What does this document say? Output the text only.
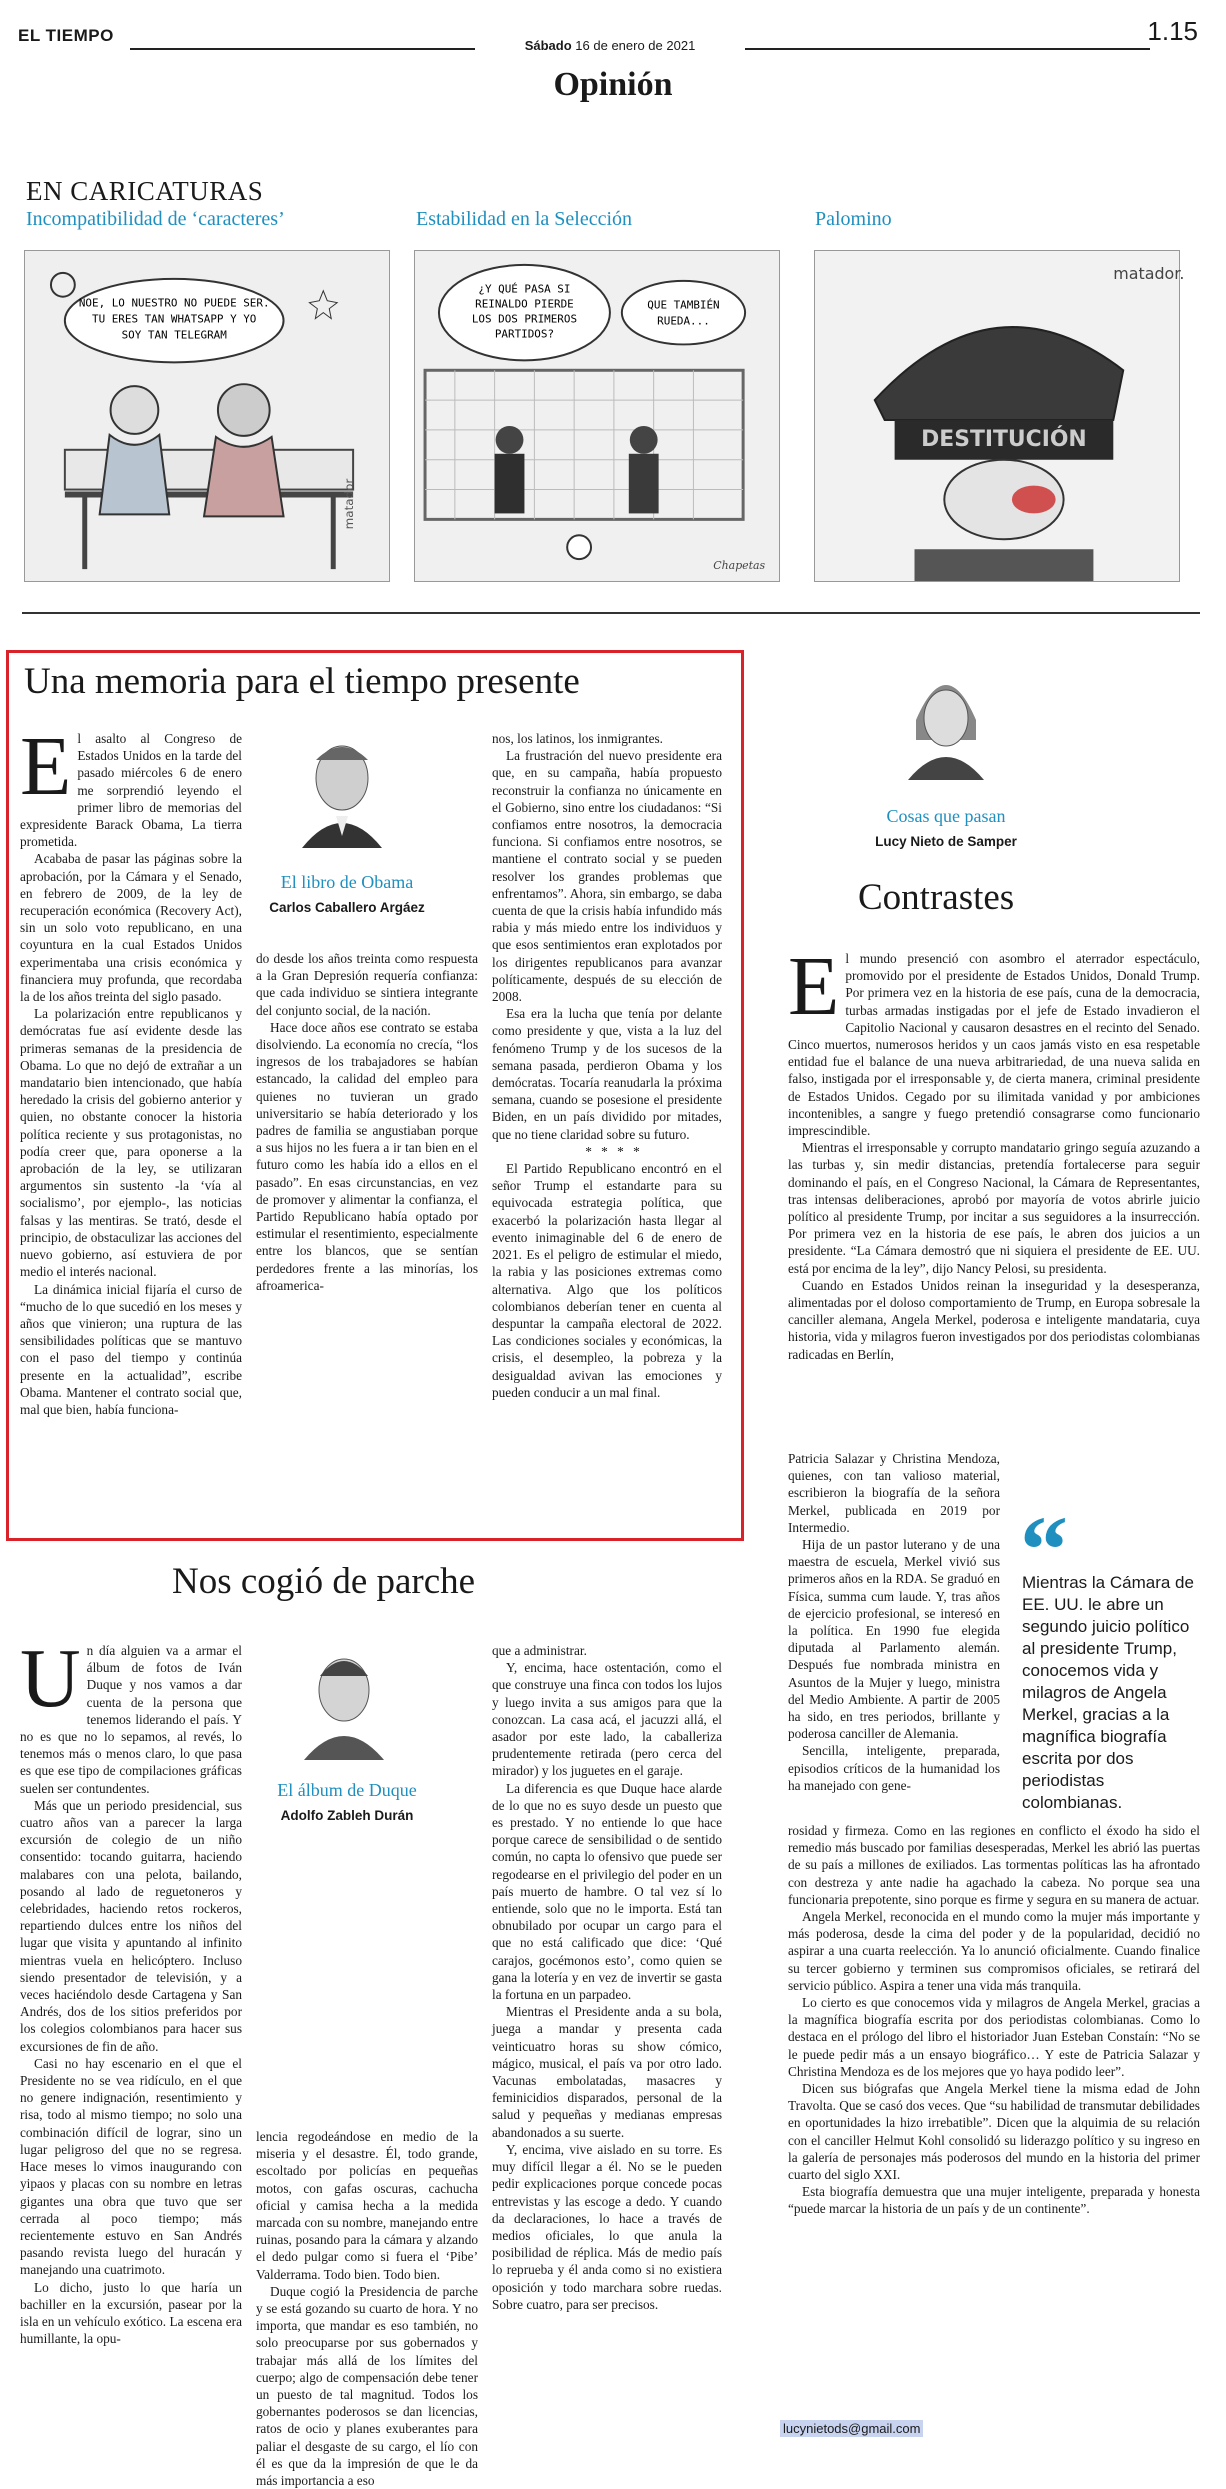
EL TIEMPO
Sábado 16 de enero de 2021	1.15
Opinión
EN CARICATURAS
Incompatibilidad de ‘caracteres’	Estabilidad en la Selección	Palomino
NOE, LO NUESTRO NO PUEDE SER.
TU ERES TAN WHATSAPP Y YO
SOY TAN TELEGRAM
matador
¿Y QUÉ PASA SI
REINALDO PIERDE
LOS DOS PRIMEROS
PARTIDOS?
QUE TAMBIÉN
RUEDA...
Chapetas
DESTITUCIÓN
matador.
Una memoria para el tiempo presente

El asalto al Congreso de Estados Unidos en la tarde del pasado miércoles 6 de enero me sorprendió leyendo el primer libro de memorias del expresidente Barack Obama, La tierra prometida.

Acababa de pasar las páginas sobre la aprobación, por la Cámara y el Senado, en febrero de 2009, de la ley de recuperación económica (Recovery Act), sin un solo voto republicano, en una coyuntura en la cual Estados Unidos experimentaba una crisis económica y financiera muy profunda, que recordaba la de los años treinta del siglo pasado.

La polarización entre republicanos y demócratas fue así evidente desde las primeras semanas de la presidencia de Obama. Lo que no dejó de extrañar a un mandatario bien intencionado, que había heredado la crisis del gobierno anterior y quien, no obstante conocer la historia política reciente y sus protagonistas, no podía creer que, para oponerse a la aprobación de la ley, se utilizaran argumentos sin sustento -la ‘vía al socialismo’, por ejemplo-, las noticias falsas y las mentiras. Se trató, desde el principio, de obstaculizar las acciones del nuevo gobierno, así estuviera de por medio el interés nacional.

La dinámica inicial fijaría el curso de “mucho de lo que sucedió en los meses y años que vinieron; una ruptura de las sensibilidades políticas que se mantuvo con el paso del tiempo y continúa presente en la actualidad”, escribe Obama. Mantener el contrato social que, mal que bien, había funciona-

El libro de Obama
Carlos Caballero Argáez

do desde los años treinta como respuesta a la Gran Depresión requería confianza: que cada individuo se sintiera integrante del conjunto social, de la nación.

Hace doce años ese contrato se estaba disolviendo. La economía no crecía, “los ingresos de los trabajadores se habían estancado, la calidad del empleo para quienes no tuvieran un grado universitario se había deteriorado y los padres de familia se angustiaban porque a sus hijos no les fuera a ir tan bien en el futuro como les había ido a ellos en el pasado”. En esas circunstancias, en vez de promover y alimentar la confianza, el Partido Republicano había optado por estimular el resentimiento, especialmente entre los blancos, que se sentían perdedores frente a las minorías, los afroamerica-

nos, los latinos, los inmigrantes.

La frustración del nuevo presidente era que, en su campaña, había propuesto reconstruir la confianza no únicamente en el Gobierno, sino entre los ciudadanos: “Si confiamos entre nosotros, la democracia funciona. Si confiamos entre nosotros, se mantiene el contrato social y se pueden resolver los grandes problemas que enfrentamos”. Ahora, sin embargo, se daba cuenta de que la crisis había infundido más rabia y más miedo entre los individuos y que esos sentimientos eran explotados por los dirigentes republicanos para avanzar políticamente, después de su elección de 2008.

Esa era la lucha que tenía por delante como presidente y que, vista a la luz del fenómeno Trump y de los sucesos de la semana pasada, perdieron Obama y los demócratas. Tocaría reanudarla la próxima semana, cuando se posesione el presidente Biden, en un país dividido por mitades, que no tiene claridad sobre su futuro.

* * * *

El Partido Republicano encontró en el señor Trump el estandarte para su equivocada estrategia política, que exacerbó la polarización hasta llegar al evento inimaginable del 6 de enero de 2021. Es el peligro de estimular el miedo, la rabia y las posiciones extremas como alternativa. Algo que los políticos colombianos deberían tener en cuenta al despuntar la campaña electoral de 2022. Las condiciones sociales y económicas, la crisis, el desempleo, la pobreza y la desigualdad avivan las emociones y pueden conducir a un mal final.

Nos cogió de parche

Un día alguien va a armar el álbum de fotos de Iván Duque y nos vamos a dar cuenta de la persona que tenemos liderando el país. Y no es que no lo sepamos, al revés, lo tenemos más o menos claro, lo que pasa es que ese tipo de compilaciones gráficas suelen ser contundentes.

Más que un periodo presidencial, sus cuatro años van a parecer la larga excursión de colegio de un niño consentido: tocando guitarra, haciendo malabares con una pelota, bailando, posando al lado de reguetoneros y celebridades, haciendo retos rockeros, repartiendo dulces entre los niños del lugar que visita y apuntando al infinito mientras vuela en helicóptero. Incluso siendo presentador de televisión, y a veces haciéndolo desde Cartagena y San Andrés, dos de los sitios preferidos por los colegios colombianos para hacer sus excursiones de fin de año.

Casi no hay escenario en el que el Presidente no se vea ridículo, en el que no genere indignación, resentimiento y risa, todo al mismo tiempo; no solo una combinación difícil de lograr, sino un lugar peligroso del que no se regresa. Hace meses lo vimos inaugurando con yipaos y placas con su nombre en letras gigantes una obra que tuvo que ser cerrada al poco tiempo; más recientemente estuvo en San Andrés pasando revista luego del huracán y manejando una cuatrimoto.

Lo dicho, justo lo que haría un bachiller en la excursión, pasear por la isla en un vehículo exótico. La escena era humillante, la opu-

El álbum de Duque
Adolfo Zableh Durán

lencia regodeándose en medio de la miseria y el desastre. Él, todo grande, escoltado por policías en pequeñas motos, con gafas oscuras, cachucha oficial y camisa hecha a la medida marcada con su nombre, manejando entre ruinas, posando para la cámara y alzando el dedo pulgar como si fuera el ‘Pibe’ Valderrama. Todo bien. Todo bien.

Duque cogió la Presidencia de parche y se está gozando su cuarto de hora. Y no importa, que mandar es eso también, no solo preocuparse por sus gobernados y trabajar más allá de los límites del cuerpo; algo de compensación debe tener un puesto de tal magnitud. Todos los gobernantes poderosos se dan licencias, ratos de ocio y planes exuberantes para paliar el desgaste de su cargo, el lío con él es que da la impresión de que le da más importancia a eso

que a administrar.

Y, encima, hace ostentación, como el que construye una finca con todos los lujos y luego invita a sus amigos para que la conozcan. La casa acá, el jacuzzi allá, el asador por este lado, la caballeriza prudentemente retirada (pero cerca del mirador) y los juguetes en el garaje.

La diferencia es que Duque hace alarde de lo que no es suyo desde un puesto que es prestado. Y no entiende lo que hace porque carece de sensibilidad o de sentido común, no capta lo ofensivo que puede ser regodearse en el privilegio del poder en un país muerto de hambre. O tal vez sí lo entiende, solo que no le importa. Está tan obnubilado por ocupar un cargo para el que no está calificado que dice: ‘Qué carajos, gocémonos esto’, como quien se gana la lotería y en vez de invertir se gasta la fortuna en un parpadeo.

Mientras el Presidente anda a su bola, juega a mandar y presenta cada veinticuatro horas su show cómico, mágico, musical, el país va por otro lado. Vacunas embolatadas, masacres y feminicidios disparados, personal de la salud y pequeñas y medianas empresas abandonados a su suerte.

Y, encima, vive aislado en su torre. Es muy difícil llegar a él. No se le pueden pedir explicaciones porque concede pocas entrevistas y las escoge a dedo. Y cuando da declaraciones, lo hace a través de medios oficiales, lo que anula la posibilidad de réplica. Más de medio país lo reprueba y él anda como si no existiera oposición y todo marchara sobre ruedas. Sobre cuatro, para ser precisos.

Cosas que pasan
Lucy Nieto de Samper
Contrastes

El mundo presenció con asombro el aterrador espectáculo, promovido por el presidente de Estados Unidos, Donald Trump. Por primera vez en la historia de ese país, cuna de la democracia, turbas armadas instigadas por el jefe de Estado invadieron el Capitolio Nacional y causaron desastres en el recinto del Senado. Cinco muertos, numerosos heridos y un caos jamás visto en esa respetable entidad fue el balance de una nueva arbitrariedad, de una nueva salida en falso, instigada por el irresponsable y, de cierta manera, criminal presidente de Estados Unidos. Cegado por su ilimitada vanidad y por ambiciones incontenibles, a sangre y fuego pretendió consagrarse como funcionario imprescindible.

Mientras el irresponsable y corrupto mandatario gringo seguía azuzando a las turbas y, sin medir distancias, pretendía fortalecerse para seguir dominando el país, en el Congreso Nacional, la Cámara de Representantes, tras intensas deliberaciones, aprobó por mayoría de votos abrirle juicio político al presidente Trump, por incitar a sus seguidores a la insurrección. Por primera vez en la historia de ese país, le abren dos juicios a un presidente. “La Cámara demostró que ni siquiera el presidente de EE. UU. está por encima de la ley”, dijo Nancy Pelosi, su presidenta.

Cuando en Estados Unidos reinan la inseguridad y la desesperanza, alimentadas por el doloso comportamiento de Trump, en Europa sobresale la canciller alemana, Angela Merkel, poderosa e inteligente mandataria, cuya historia, vida y milagros fueron investigados por dos periodistas colombianas radicadas en Berlín,

Patricia Salazar y Christina Mendoza, quienes, con tan valioso material, escribieron la biografía de la señora Merkel, publicada en 2019 por Intermedio.

Hija de un pastor luterano y de una maestra de escuela, Merkel vivió sus primeros años en la RDA. Se graduó en Física, summa cum laude. Y, tras años de ejercicio profesional, se interesó en la política. En 1990 fue elegida diputada al Parlamento alemán. Después fue nombrada ministra en Asuntos de la Mujer y luego, ministra del Medio Ambiente. A partir de 2005 ha sido, en tres periodos, brillante y poderosa canciller de Alemania.

Sencilla, inteligente, preparada, episodios críticos de la humanidad los ha manejado con gene-

“
Mientras la Cámara de EE. UU. le abre un segundo juicio político al presidente Trump, conocemos vida y milagros de Angela Merkel, gracias a la magnífica biografía escrita por dos periodistas colombianas.

rosidad y firmeza. Como en las regiones en conflicto el éxodo ha sido el remedio más buscado por familias desesperadas, Merkel les abrió las puertas de su país a millones de exiliados. Las tormentas políticas las ha afrontado con destreza y ante nadie ha agachado la cabeza. No porque sea una funcionaria prepotente, sino porque es firme y segura en su manera de actuar.

Angela Merkel, reconocida en el mundo como la mujer más importante y más poderosa, desde la cima del poder y de la popularidad, decidió no aspirar a una cuarta reelección. Ya lo anunció oficialmente. Cuando finalice su tercer gobierno y terminen sus compromisos oficiales, se retirará del servicio público. Aspira a tener una vida más tranquila.

Lo cierto es que conocemos vida y milagros de Angela Merkel, gracias a la magnífica biografía escrita por dos periodistas colombianas. Como lo destaca en el prólogo del libro el historiador Juan Esteban Constaín: “No se le puede pedir más a un ensayo biográfico… Y este de Patricia Salazar y Christina Mendoza es de los mejores que yo haya podido leer”.

Dicen sus biógrafas que Angela Merkel tiene la misma edad de John Travolta. Que se casó dos veces. Que “su habilidad de transmutar debilidades en oportunidades la hizo irrebatible”. Dicen que la alquimia de su relación con el canciller Helmut Kohl consolidó su liderazgo político y su ingreso en la galería de personajes más poderosos del mundo en la historia del primer cuarto del siglo XXI.

Esta biografía demuestra que una mujer inteligente, preparada y honesta “puede marcar la historia de un país y de un continente”.

lucynietods@gmail.com
